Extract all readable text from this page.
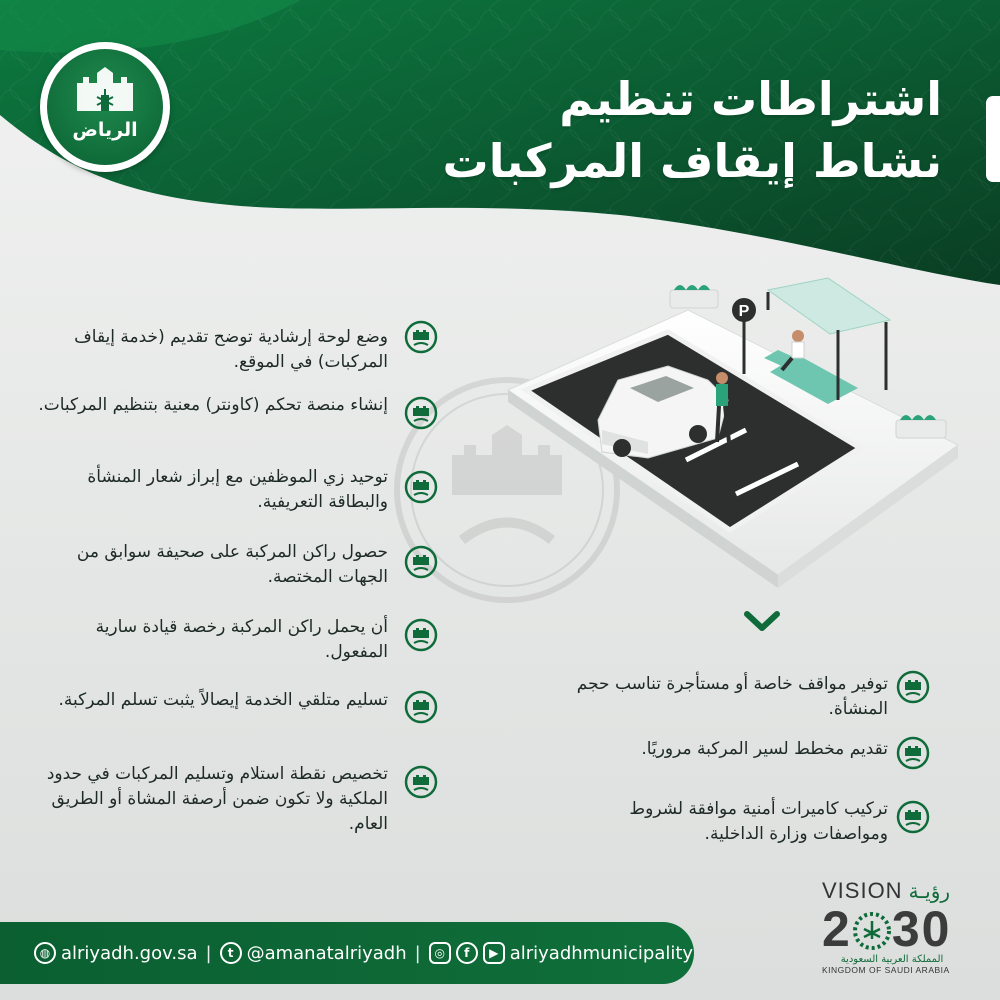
الرياض
اشتراطات تنظيم
نشاط إيقاف المركبات
P
وضع لوحة إرشادية توضح تقديم (خدمة إيقاف المركبات) في الموقع.
إنشاء منصة تحكم (كاونتر) معنية بتنظيم المركبات.
توحيد زي الموظفين مع إبراز شعار المنشأة والبطاقة التعريفية.
حصول راكن المركبة على صحيفة سوابق من الجهات المختصة.
أن يحمل راكن المركبة رخصة قيادة سارية المفعول.
تسليم متلقي الخدمة إيصالاً يثبت تسلم المركبة.
تخصيص نقطة استلام وتسليم المركبات في حدود الملكية ولا تكون ضمن أرصفة المشاة أو الطريق العام.
توفير مواقف خاصة أو مستأجرة تناسب حجم المنشأة.
تقديم مخطط لسير المركبة مروريًا.
تركيب كاميرات أمنية موافقة لشروط ومواصفات وزارة الداخلية.
◍ alriyadh.gov.sa |	t @amanatalriyadh |	◎	f	▶ alriyadhmunicipality
VISION رؤيـة
2 30
المملكة العربية السعودية
KINGDOM OF SAUDI ARABIA
